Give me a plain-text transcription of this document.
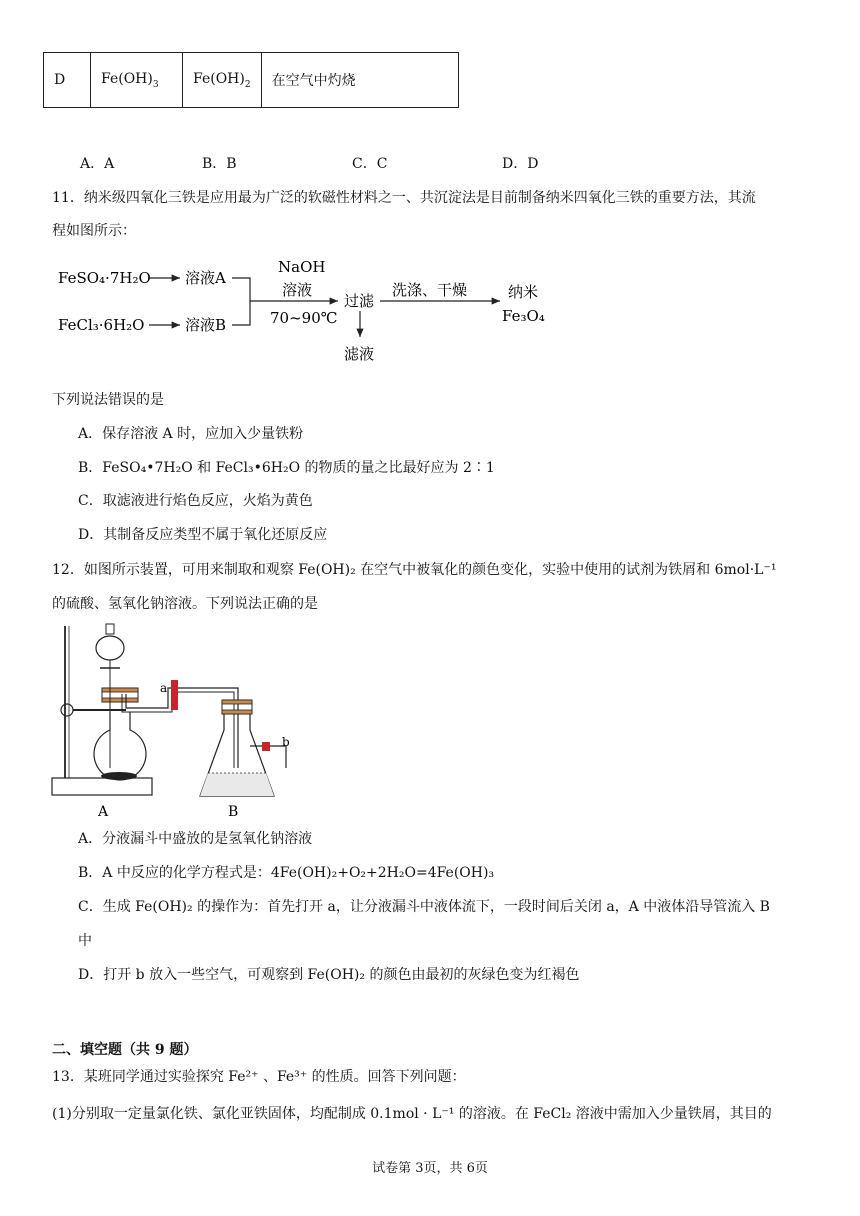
D	$Fe(OH)_3$	$Fe(OH)_2$	在空气中灼烧
A．A	B．B	C．C	D．D
11．纳米级四氧化三铁是应用最为广泛的软磁性材料之一、共沉淀法是目前制备纳米四氧化三铁的重要方法，其流
程如图所示：
FeSO₄·7H₂O 溶液A
FeCl₃·6H₂O	溶液B
NaOH
溶液
70~90℃
过滤
洗涤、干燥
滤液
纳米
Fe₃O₄
下列说法错误的是
A．保存溶液 A 时，应加入少量铁粉
B．FeSO₄•7H₂O 和 FeCl₃•6H₂O 的物质的量之比最好应为 2∶1
C．取滤液进行焰色反应，火焰为黄色
D．其制备反应类型不属于氧化还原反应
12．如图所示装置，可用来制取和观察 Fe(OH)₂ 在空气中被氧化的颜色变化，实验中使用的试剂为铁屑和 6mol·L⁻¹
的硫酸、氢氧化钠溶液。下列说法正确的是
a
b
A	B
A．分液漏斗中盛放的是氢氧化钠溶液
B．A 中反应的化学方程式是：4Fe(OH)₂+O₂+2H₂O=4Fe(OH)₃
C．生成 Fe(OH)₂ 的操作为：首先打开 a，让分液漏斗中液体流下，一段时间后关闭 a，A 中液体沿导管流入 B
中
D．打开 b 放入一些空气，可观察到 Fe(OH)₂ 的颜色由最初的灰绿色变为红褐色
二、填空题（共 9 题）
13．某班同学通过实验探究 Fe²⁺ 、Fe³⁺ 的性质。回答下列问题：
(1)分别取一定量氯化铁、氯化亚铁固体，均配制成 0.1mol · L⁻¹ 的溶液。在 FeCl₂ 溶液中需加入少量铁屑，其目的
试卷第 3页，共 6页
